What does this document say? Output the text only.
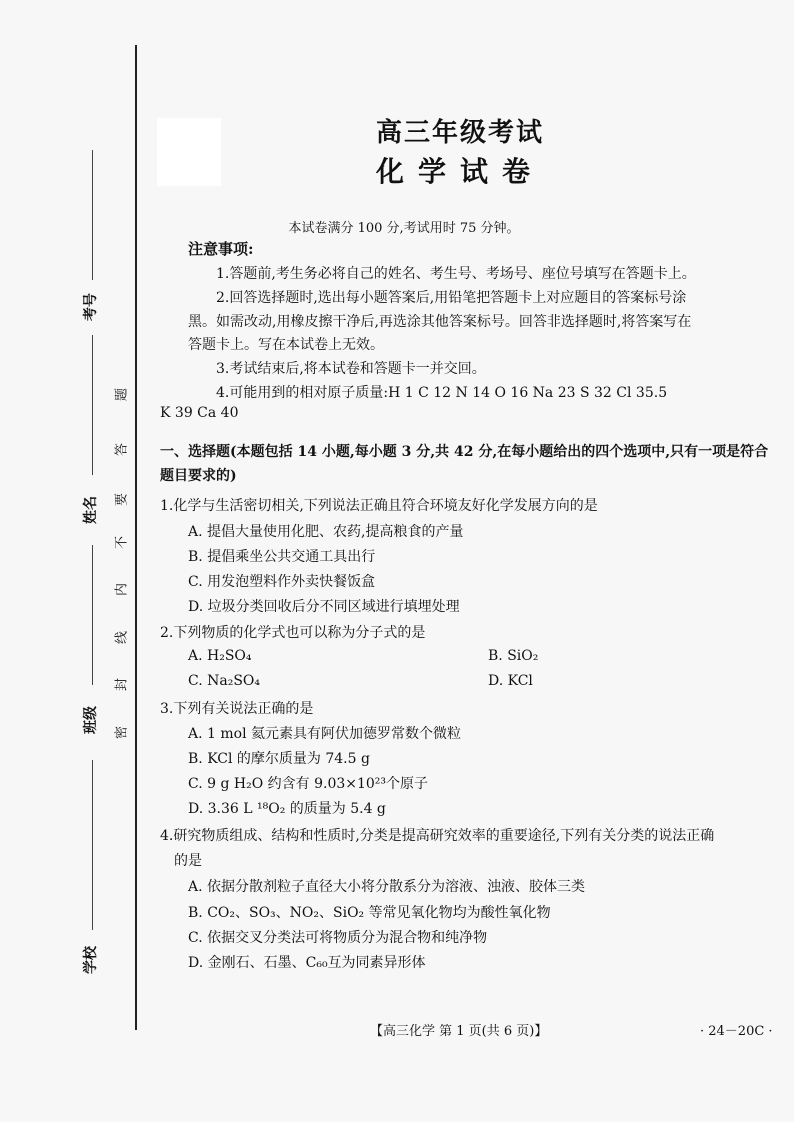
考号
姓名
班级
学校
题
答
要
不
内
线
封
密
高三年级考试
化学试卷
本试卷满分 100 分,考试用时 75 分钟。
注意事项:
1.答题前,考生务必将自己的姓名、考生号、考场号、座位号填写在答题卡上。
2.回答选择题时,选出每小题答案后,用铅笔把答题卡上对应题目的答案标号涂
黑。如需改动,用橡皮擦干净后,再选涂其他答案标号。回答非选择题时,将答案写在
答题卡上。写在本试卷上无效。
3.考试结束后,将本试卷和答题卡一并交回。
4.可能用到的相对原子质量:H 1 C 12 N 14 O 16 Na 23 S 32 Cl 35.5
K 39 Ca 40
一、选择题(本题包括 14 小题,每小题 3 分,共 42 分,在每小题给出的四个选项中,只有一项是符合题目要求的)
1.化学与生活密切相关,下列说法正确且符合环境友好化学发展方向的是
A. 提倡大量使用化肥、农药,提高粮食的产量
B. 提倡乘坐公共交通工具出行
C. 用发泡塑料作外卖快餐饭盒
D. 垃圾分类回收后分不同区域进行填埋处理
2.下列物质的化学式也可以称为分子式的是
A. H₂SO₄	B. SiO₂
C. Na₂SO₄	D. KCl
3.下列有关说法正确的是
A. 1 mol 氦元素具有阿伏加德罗常数个微粒
B. KCl 的摩尔质量为 74.5 g
C. 9 g H₂O 约含有 9.03×10²³个原子
D. 3.36 L ¹⁸O₂ 的质量为 5.4 g
4.研究物质组成、结构和性质时,分类是提高研究效率的重要途径,下列有关分类的说法正确
的是
A. 依据分散剂粒子直径大小将分散系分为溶液、浊液、胶体三类
B. CO₂、SO₃、NO₂、SiO₂ 等常见氧化物均为酸性氧化物
C. 依据交叉分类法可将物质分为混合物和纯净物
D. 金刚石、石墨、C₆₀互为同素异形体
【高三化学 第 1 页(共 6 页)】	· 24－20C ·
